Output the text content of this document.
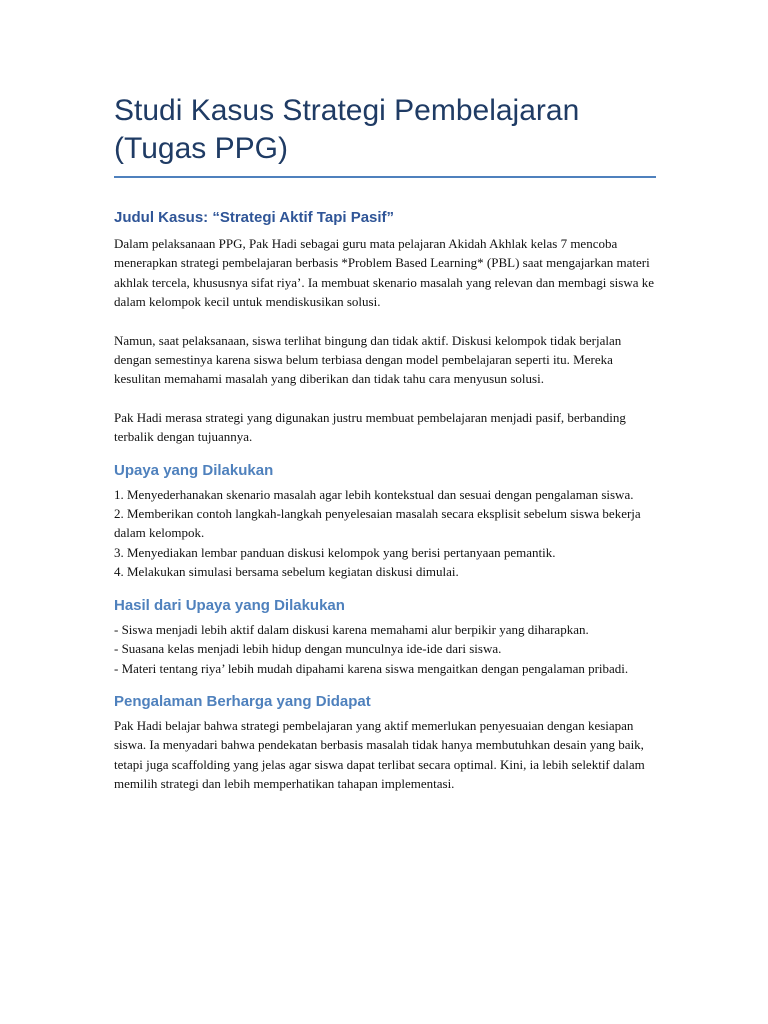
Studi Kasus Strategi Pembelajaran
(Tugas PPG)
Judul Kasus: “Strategi Aktif Tapi Pasif”

Dalam pelaksanaan PPG, Pak Hadi sebagai guru mata pelajaran Akidah Akhlak kelas 7 mencoba menerapkan strategi pembelajaran berbasis *Problem Based Learning* (PBL) saat mengajarkan materi akhlak tercela, khususnya sifat riya’. Ia membuat skenario masalah yang relevan dan membagi siswa ke dalam kelompok kecil untuk mendiskusikan solusi.

Namun, saat pelaksanaan, siswa terlihat bingung dan tidak aktif. Diskusi kelompok tidak berjalan dengan semestinya karena siswa belum terbiasa dengan model pembelajaran seperti itu. Mereka kesulitan memahami masalah yang diberikan dan tidak tahu cara menyusun solusi.

Pak Hadi merasa strategi yang digunakan justru membuat pembelajaran menjadi pasif, berbanding terbalik dengan tujuannya.

Upaya yang Dilakukan
1. Menyederhanakan skenario masalah agar lebih kontekstual dan sesuai dengan pengalaman siswa.
2. Memberikan contoh langkah-langkah penyelesaian masalah secara eksplisit sebelum siswa bekerja dalam kelompok.
3. Menyediakan lembar panduan diskusi kelompok yang berisi pertanyaan pemantik.
4. Melakukan simulasi bersama sebelum kegiatan diskusi dimulai.
Hasil dari Upaya yang Dilakukan
- Siswa menjadi lebih aktif dalam diskusi karena memahami alur berpikir yang diharapkan.
- Suasana kelas menjadi lebih hidup dengan munculnya ide-ide dari siswa.
- Materi tentang riya’ lebih mudah dipahami karena siswa mengaitkan dengan pengalaman pribadi.
Pengalaman Berharga yang Didapat

Pak Hadi belajar bahwa strategi pembelajaran yang aktif memerlukan penyesuaian dengan kesiapan siswa. Ia menyadari bahwa pendekatan berbasis masalah tidak hanya membutuhkan desain yang baik, tetapi juga scaffolding yang jelas agar siswa dapat terlibat secara optimal. Kini, ia lebih selektif dalam memilih strategi dan lebih memperhatikan tahapan implementasi.
